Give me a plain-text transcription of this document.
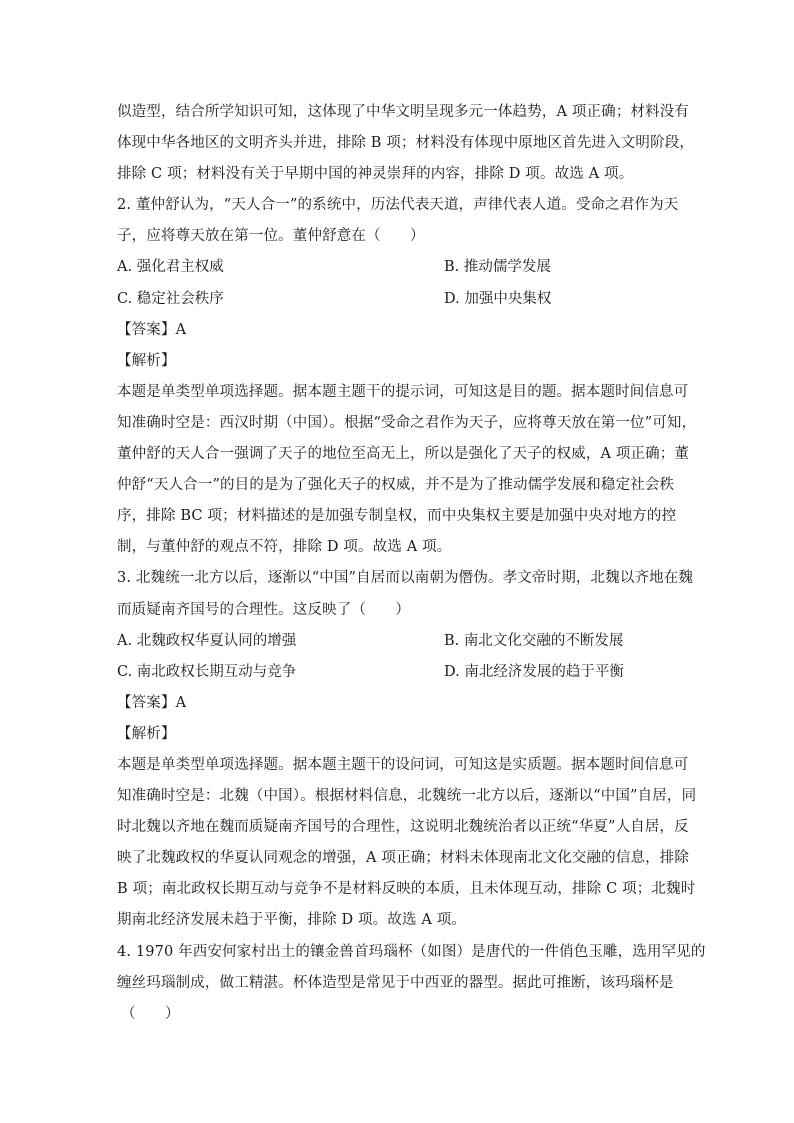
似造型，结合所学知识可知，这体现了中华文明呈现多元一体趋势，A 项正确；材料没有
体现中华各地区的文明齐头并进，排除 B 项；材料没有体现中原地区首先进入文明阶段，
排除 C 项；材料没有关于早期中国的神灵崇拜的内容，排除 D 项。故选 A 项。
2. 董仲舒认为，“天人合一”的系统中，历法代表天道，声律代表人道。受命之君作为天
子，应将尊天放在第一位。董仲舒意在（　　）
A. 强化君主权威	B. 推动儒学发展
C. 稳定社会秩序	D. 加强中央集权
【答案】A
【解析】
本题是单类型单项选择题。据本题主题干的提示词，可知这是目的题。据本题时间信息可
知准确时空是：西汉时期（中国）。根据“受命之君作为天子，应将尊天放在第一位”可知，
董仲舒的天人合一强调了天子的地位至高无上，所以是强化了天子的权威，A 项正确；董
仲舒“天人合一”的目的是为了强化天子的权威，并不是为了推动儒学发展和稳定社会秩
序，排除 BC 项；材料描述的是加强专制皇权，而中央集权主要是加强中央对地方的控
制，与董仲舒的观点不符，排除 D 项。故选 A 项。
3. 北魏统一北方以后，逐渐以“中国”自居而以南朝为僭伪。孝文帝时期，北魏以齐地在魏
而质疑南齐国号的合理性。这反映了（　　）
A. 北魏政权华夏认同的增强	B. 南北文化交融的不断发展
C. 南北政权长期互动与竞争	D. 南北经济发展的趋于平衡
【答案】A
【解析】
本题是单类型单项选择题。据本题主题干的设问词，可知这是实质题。据本题时间信息可
知准确时空是：北魏（中国）。根据材料信息，北魏统一北方以后，逐渐以“中国”自居，同
时北魏以齐地在魏而质疑南齐国号的合理性，这说明北魏统治者以正统“华夏”人自居，反
映了北魏政权的华夏认同观念的增强，A 项正确；材料未体现南北文化交融的信息，排除
B 项；南北政权长期互动与竞争不是材料反映的本质，且未体现互动，排除 C 项；北魏时
期南北经济发展未趋于平衡，排除 D 项。故选 A 项。
4. 1970 年西安何家村出土的镶金兽首玛瑙杯（如图）是唐代的一件俏色玉雕，选用罕见的
缠丝玛瑙制成，做工精湛。杯体造型是常见于中西亚的器型。据此可推断，该玛瑙杯是
（　　）
